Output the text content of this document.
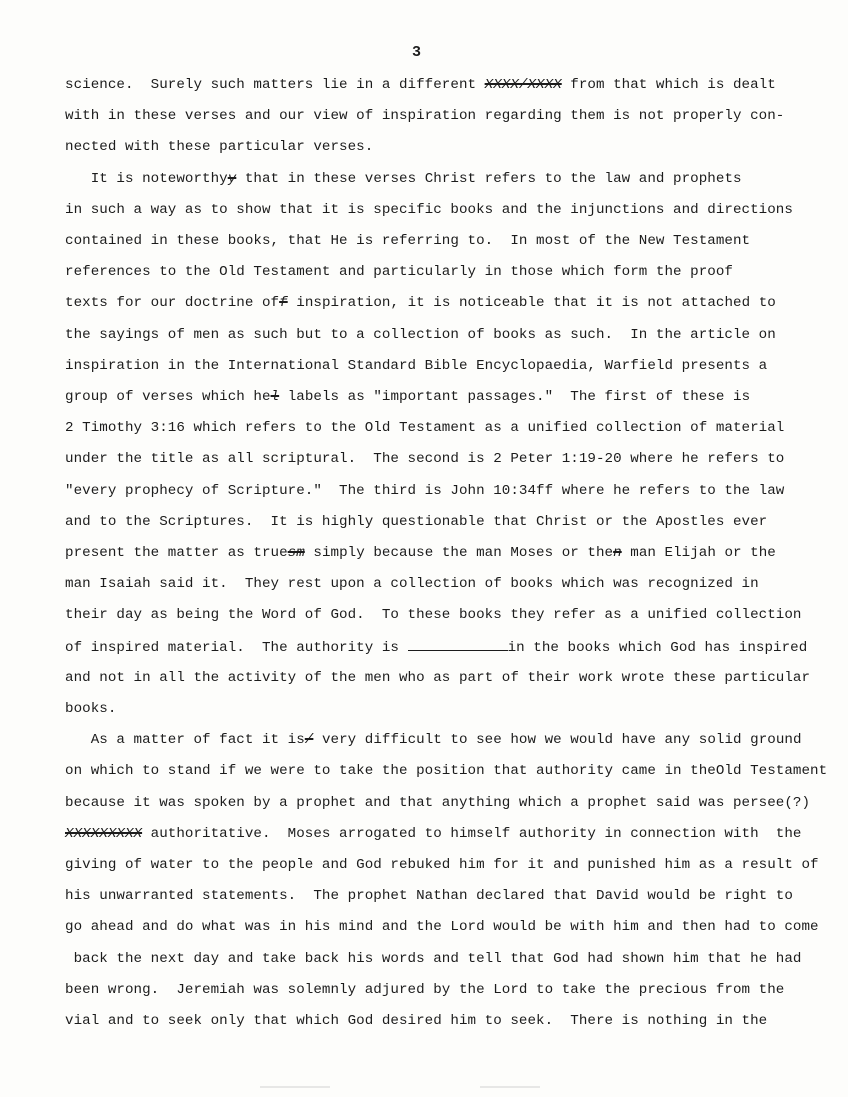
3
science.  Surely such matters lie in a different XXXX/XXXX from that which is dealt
with in these verses and our view of inspiration regarding them is not properly con-
nected with these particular verses.
It is noteworthyy that in these verses Christ refers to the law and prophets
in such a way as to show that it is specific books and the injunctions and directions
contained in these books, that He is referring to.  In most of the New Testament
references to the Old Testament and particularly in those which form the proof
texts for our doctrine off inspiration, it is noticeable that it is not attached to
the sayings of men as such but to a collection of books as such.  In the article on
inspiration in the International Standard Bible Encyclopaedia, Warfield presents a
group of verses which hel labels as "important passages."  The first of these is
2 Timothy 3:16 which refers to the Old Testament as a unified collection of material
under the title as all scriptural.  The second is 2 Peter 1:19-20 where he refers to
"every prophecy of Scripture."  The third is John 10:34ff where he refers to the law
and to the Scriptures.  It is highly questionable that Christ or the Apostles ever
present the matter as truesm simply because the man Moses or then man Elijah or the
man Isaiah said it.  They rest upon a collection of books which was recognized in
their day as being the Word of God.  To these books they refer as a unified collection
of inspired material.  The authority is	in the books which God has inspired
and not in all the activity of the men who as part of their work wrote these particular
books.
As a matter of fact it is/ very difficult to see how we would have any solid ground
on which to stand if we were to take the position that authority came in theOld Testament
because it was spoken by a prophet and that anything which a prophet said was persee(?)
XXXXXXXXX authoritative.  Moses arrogated to himself authority in connection with  the
giving of water to the people and God rebuked him for it and punished him as a result of
his unwarranted statements.  The prophet Nathan declared that David would be right to
go ahead and do what was in his mind and the Lord would be with him and then had to come
back the next day and take back his words and tell that God had shown him that he had
been wrong.  Jeremiah was solemnly adjured by the Lord to take the precious from the
vial and to seek only that which God desired him to seek.  There is nothing in the
